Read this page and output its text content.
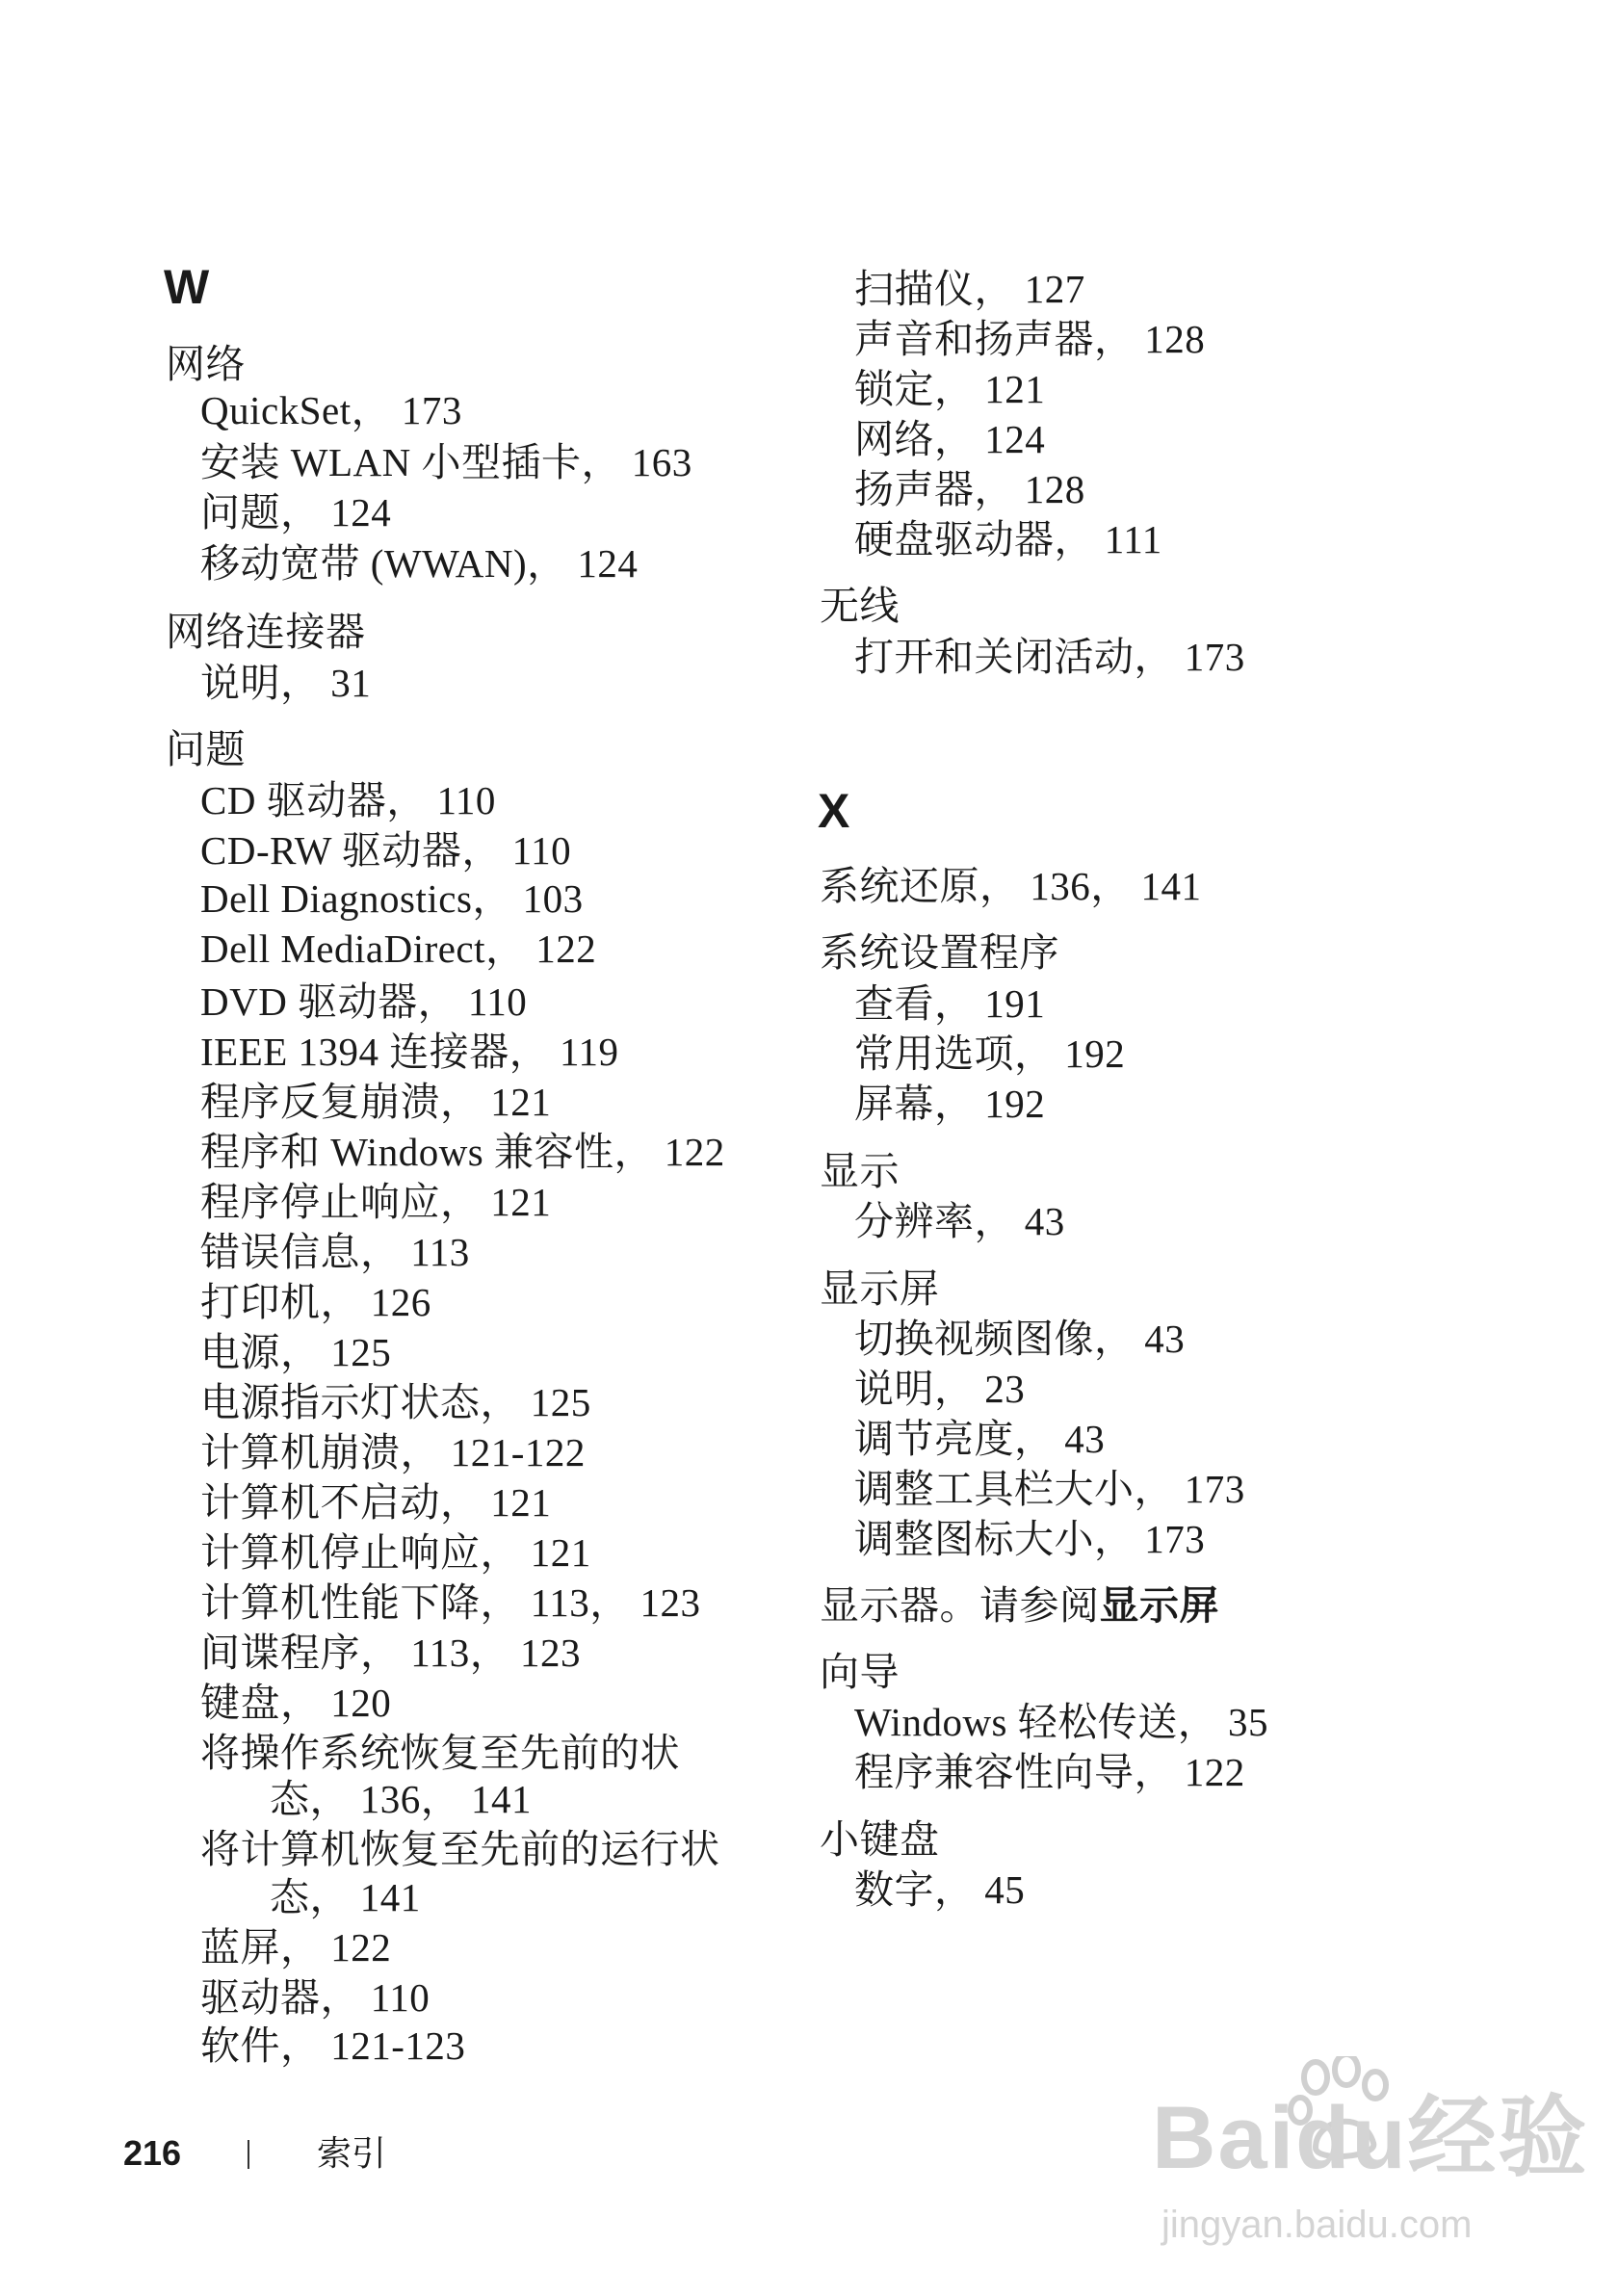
W
网络
QuickSet， 173
安装 WLAN 小型插卡， 163
问题， 124
移动宽带 (WWAN)， 124
网络连接器
说明， 31
问题
CD 驱动器， 110
CD-RW 驱动器， 110
Dell Diagnostics， 103
Dell MediaDirect， 122
DVD 驱动器， 110
IEEE 1394 连接器， 119
程序反复崩溃， 121
程序和 Windows 兼容性， 122
程序停止响应， 121
错误信息， 113
打印机， 126
电源， 125
电源指示灯状态， 125
计算机崩溃， 121-122
计算机不启动， 121
计算机停止响应， 121
计算机性能下降， 113， 123
间谍程序， 113， 123
键盘， 120
将操作系统恢复至先前的状
态， 136， 141
将计算机恢复至先前的运行状
态， 141
蓝屏， 122
驱动器， 110
软件， 121-123
扫描仪， 127
声音和扬声器， 128
锁定， 121
网络， 124
扬声器， 128
硬盘驱动器， 111
无线
打开和关闭活动， 173
X
系统还原， 136， 141
系统设置程序
查看， 191
常用选项， 192
屏幕， 192
显示
分辨率， 43
显示屏
切换视频图像， 43
说明， 23
调节亮度， 43
调整工具栏大小， 173
调整图标大小， 173
显示器。请参阅显示屏
向导
Windows 轻松传送， 35
程序兼容性向导， 122
小键盘
数字， 45
216	索引	Baidu经验
jingyan.baidu.com
